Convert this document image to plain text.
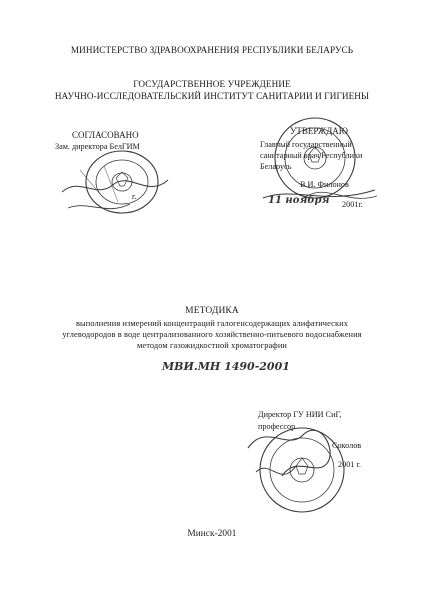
МИНИСТЕРСТВО ЗДРАВООХРАНЕНИЯ РЕСПУБЛИКИ БЕЛАРУСЬ
ГОСУДАРСТВЕННОЕ УЧРЕЖДЕНИЕ
НАУЧНО-ИССЛЕДОВАТЕЛЬСКИЙ ИНСТИТУТ САНИТАРИИ И ГИГИЕНЫ
СОГЛАСОВАНО
Зам. директора БелГИМ
г.
УТВЕРЖДАЮ
Главный государственный
санитарный врач Республики
Беларусь
В.И. Филонов
11 ноября 2001г.
МЕТОДИКА
выполнения измерений концентраций галогенсодержащих алифатических
углеводородов в воде централизованного хозяйственно-питьевого водоснабжения
методом газожидкостной хроматографии
МВИ.МН 1490-2001
Директор ГУ НИИ СиГ,
профессор
Соколов
2001 г.
Минск-2001
